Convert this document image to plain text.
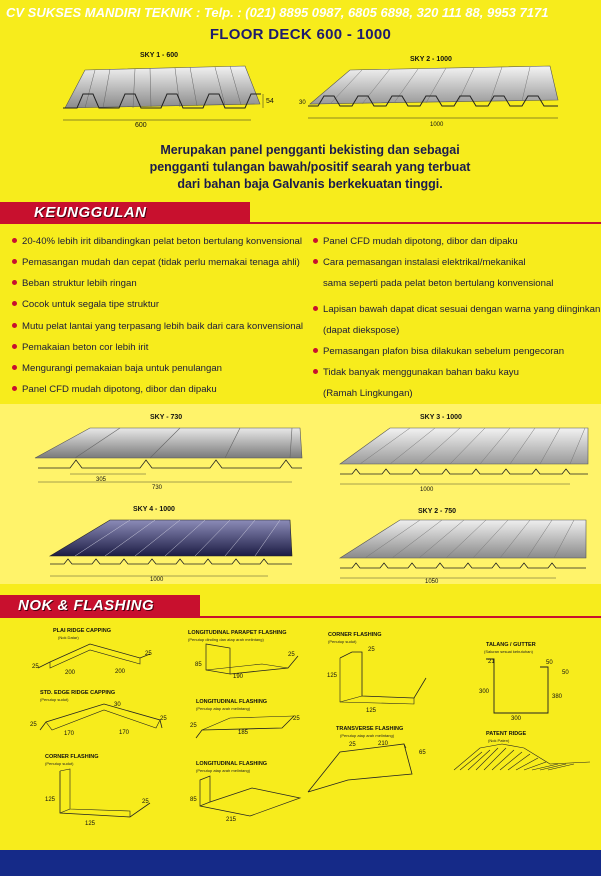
FLOOR DECK 600 - 1000
SKY 1 - 600
600
54
SKY 2 - 1000
1000
30
Merupakan panel pengganti bekisting dan sebagai
pengganti tulangan bawah/positif searah yang terbuat
dari bahan baja Galvanis berkekuatan tinggi.
KEUNGGULAN
20-40% lebih irit dibandingkan pelat beton bertulang konvensional
Pemasangan mudah dan cepat (tidak perlu memakai tenaga ahli)
Beban struktur lebih ringan
Cocok untuk segala tipe struktur
Mutu pelat lantai yang terpasang lebih baik dari cara konvensional
Pemakaian beton cor lebih irit
Mengurangi pemakaian baja untuk penulangan
Panel CFD mudah dipotong, dibor dan dipaku
Panel CFD mudah dipotong, dibor dan dipaku
Cara pemasangan instalasi elektrikal/mekanikal
sama seperti pada pelat beton bertulang konvensional
Lapisan bawah dapat dicat sesuai dengan warna yang diinginkan
(dapat diekspose)
Pemasangan plafon bisa dilakukan sebelum pengecoran
Tidak banyak menggunakan bahan baku kayu
(Ramah Lingkungan)
SKY - 730
305
730
SKY 3 - 1000
1000
SKY 4 - 1000
1000
SKY 2 - 750
1050
NOK & FLASHING
PLAI RIDGE CAPPING
(Nok Datar)
25
200	200
25
STD. EDGE RIDGE CAPPING
(Penutup sudut)
30
25
170	170
25
CORNER FLASHING
(Penutup sudut)
125	25
125
LONGITUDINAL PARAPET FLASHING
(Penutup dinding dan atap arah melintang)
85
25
190
LONGITUDINAL FLASHING
(Penutup atap arah melintang)
25
185
25
LONGITUDINAL FLASHING
(Penutup atap arah melintang)
85
215
CORNER FLASHING
(Penutup sudut)
25
125
125
TRANSVERSE FLASHING
(Penutup atap arah melintang)
25	210
65
TALANG / GUTTER
(Saluran sesuai kebutuhan)
21	50
50
300
380
300
PATENT RIDGE
(Nok Paten)
CV SUKSES MANDIRI TEKNIK : Telp. : (021) 8895 0987, 6805 6898, 320 111 88, 9953 7171
